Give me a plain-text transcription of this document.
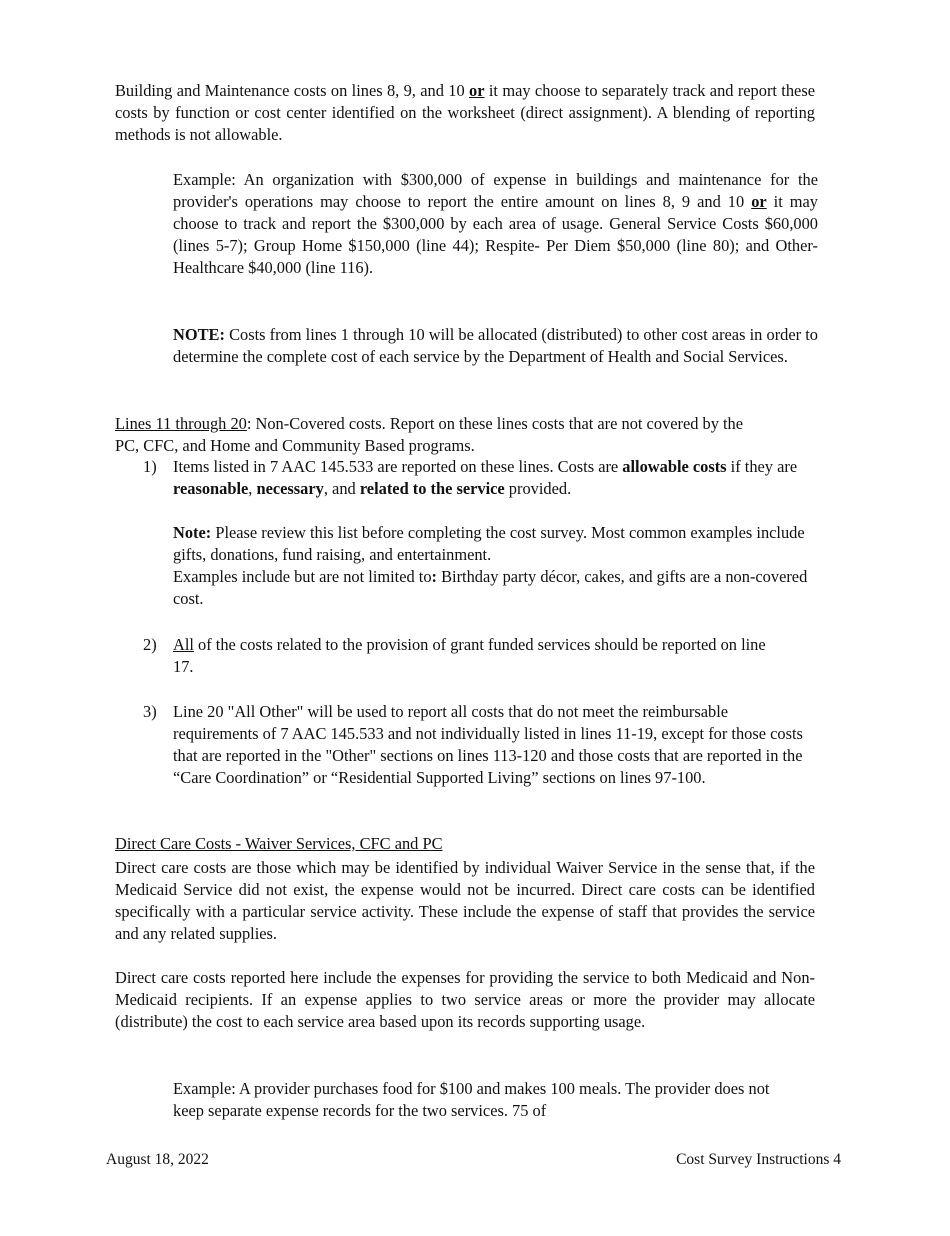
Building and Maintenance costs on lines 8, 9, and 10 or it may choose to separately track and report these costs by function or cost center identified on the worksheet (direct assignment). A blending of reporting methods is not allowable.

Example: An organization with $300,000 of expense in buildings and maintenance for the provider's operations may choose to report the entire amount on lines 8, 9 and 10 or it may choose to track and report the $300,000 by each area of usage. General Service Costs $60,000 (lines 5-7); Group Home $150,000 (line 44); Respite- Per Diem $50,000 (line 80); and Other- Healthcare $40,000 (line 116).

NOTE: Costs from lines 1 through 10 will be allocated (distributed) to other cost areas in order to determine the complete cost of each service by the Department of Health and Social Services.

Lines 11 through 20: Non-Covered costs. Report on these lines costs that are not covered by the PC, CFC, and Home and Community Based programs.

1) Items listed in 7 AAC 145.533 are reported on these lines. Costs are allowable costs if they are reasonable, necessary, and related to the service provided.

Note: Please review this list before completing the cost survey. Most common examples include gifts, donations, fund raising, and entertainment.
Examples include but are not limited to: Birthday party décor, cakes, and gifts are a non-covered cost.

2) All of the costs related to the provision of grant funded services should be reported on line 17.

3) Line 20 "All Other" will be used to report all costs that do not meet the reimbursable requirements of 7 AAC 145.533 and not individually listed in lines 11-19, except for those costs that are reported in the "Other" sections on lines 113-120 and those costs that are reported in the “Care Coordination” or “Residential Supported Living” sections on lines 97-100.

Direct Care Costs - Waiver Services, CFC and PC

Direct care costs are those which may be identified by individual Waiver Service in the sense that, if the Medicaid Service did not exist, the expense would not be incurred. Direct care costs can be identified specifically with a particular service activity. These include the expense of staff that provides the service and any related supplies.

Direct care costs reported here include the expenses for providing the service to both Medicaid and Non-Medicaid recipients. If an expense applies to two service areas or more the provider may allocate (distribute) the cost to each service area based upon its records supporting usage.

Example: A provider purchases food for $100 and makes 100 meals. The provider does not keep separate expense records for the two services. 75 of

August 18, 2022	Cost Survey Instructions 4
